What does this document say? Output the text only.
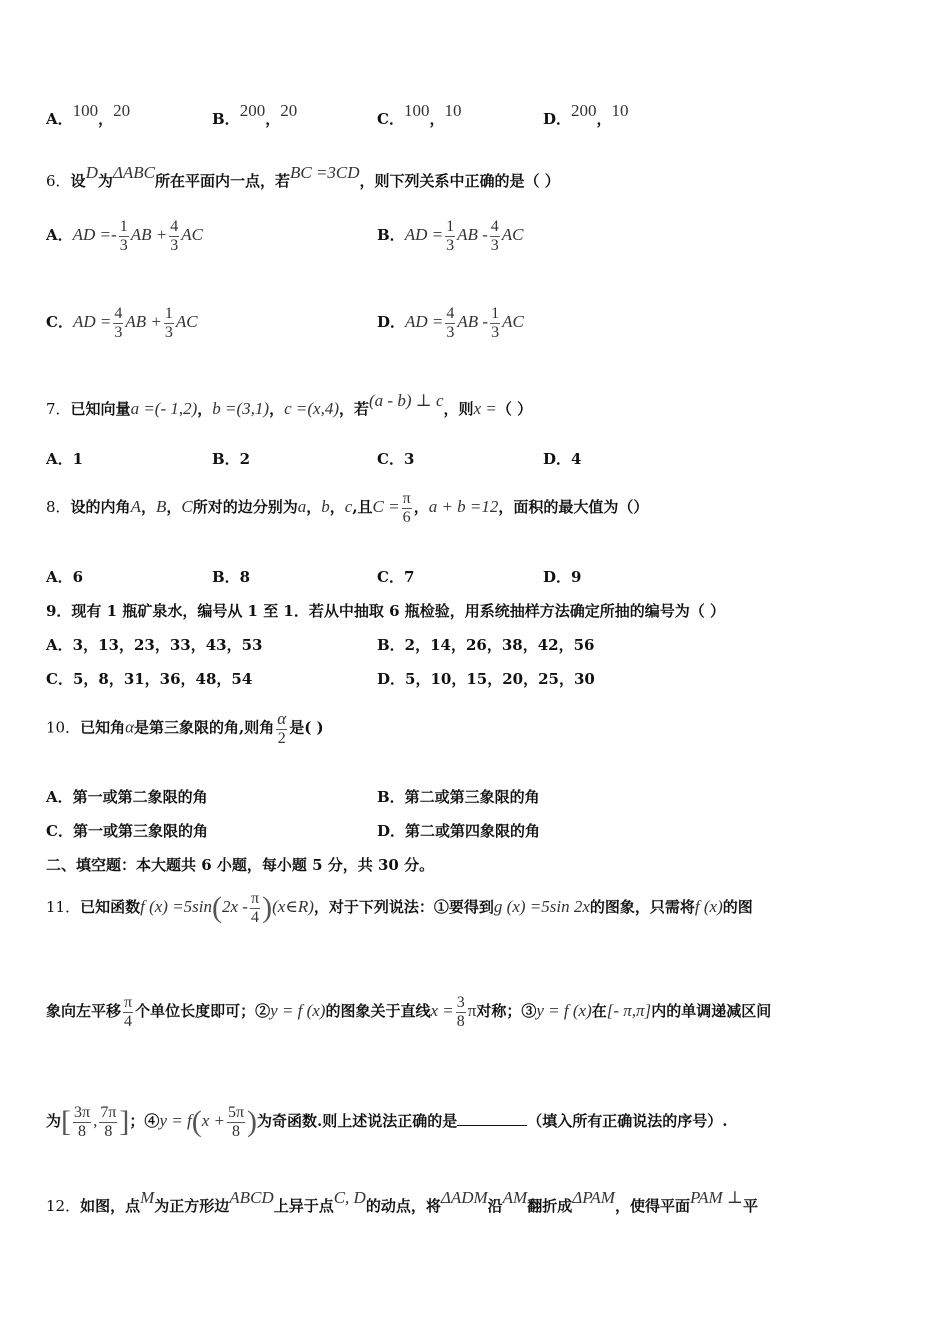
A．100，20	B．200，20	C．100，10	D．200，10
6．设D为ΔABC所在平面内一点，若BC =3CD，则下列关系中正确的是（ ）
A．AD =- $\frac{1}{3}$ AB + $\frac{4}{3}$ AC	B．AD = $\frac{1}{3}$ AB - $\frac{4}{3}$ AC
C．AD = $\frac{4}{3}$ AB + $\frac{1}{3}$ AC	D．AD = $\frac{4}{3}$ AB - $\frac{1}{3}$ AC
7．已知向量a =(- 1,2)，b =(3,1)，c =(x,4)，若(a - b) ⊥ c，则x =（ ）
A．1	B．2	C．3	D．4
8．设的内角A，B，C所对的边分别为a，b，c,且$C = \frac{\pi}{6}$ ，a + b =12，面积的最大值为（）
A．6	B．8	C．7	D．9
9．现有 1 瓶矿泉水，编号从 1 至 1．若从中抽取 6 瓶检验，用系统抽样方法确定所抽的编号为（ ）
A．3，13，23，33，43，53	B．2，14，26，38，42，56
C．5，8，31，36，48，54	D．5，10，15，20，25，30
10．已知角α是第三象限的角,则角 $\frac{\alpha}{2}$ 是( )
A．第一或第二象限的角	B．第二或第三象限的角
C．第一或第三象限的角	D．第二或第四象限的角
二、填空题：本大题共 6 小题，每小题 5 分，共 30 分。
11．已知函数f $(x) =5\sin(2x - \frac{\pi}{4}$ )(x∈R)，对于下列说法：①要得到g (x) =5sin 2x的图象，只需将f (x)的图
象向左平移 $\frac{\pi}{4}$ 个单位长度即可；②y = f (x)的图象关于直线$x = \frac{3}{8}$ π对称；③y = f (x)在[- π,π]内的单调递减区间
为[ $\frac{3\pi}{8}$ , $\frac{7\pi}{8}$ ]；④y = $f(x + \frac{5\pi}{8}$ )为奇函数.则上述说法正确的是	（填入所有正确说法的序号）.
12．如图，点M为正方形边ABCD上异于点C, D的动点，将ΔADM沿AM翻折成ΔPAM，使得平面PAM ⊥平
